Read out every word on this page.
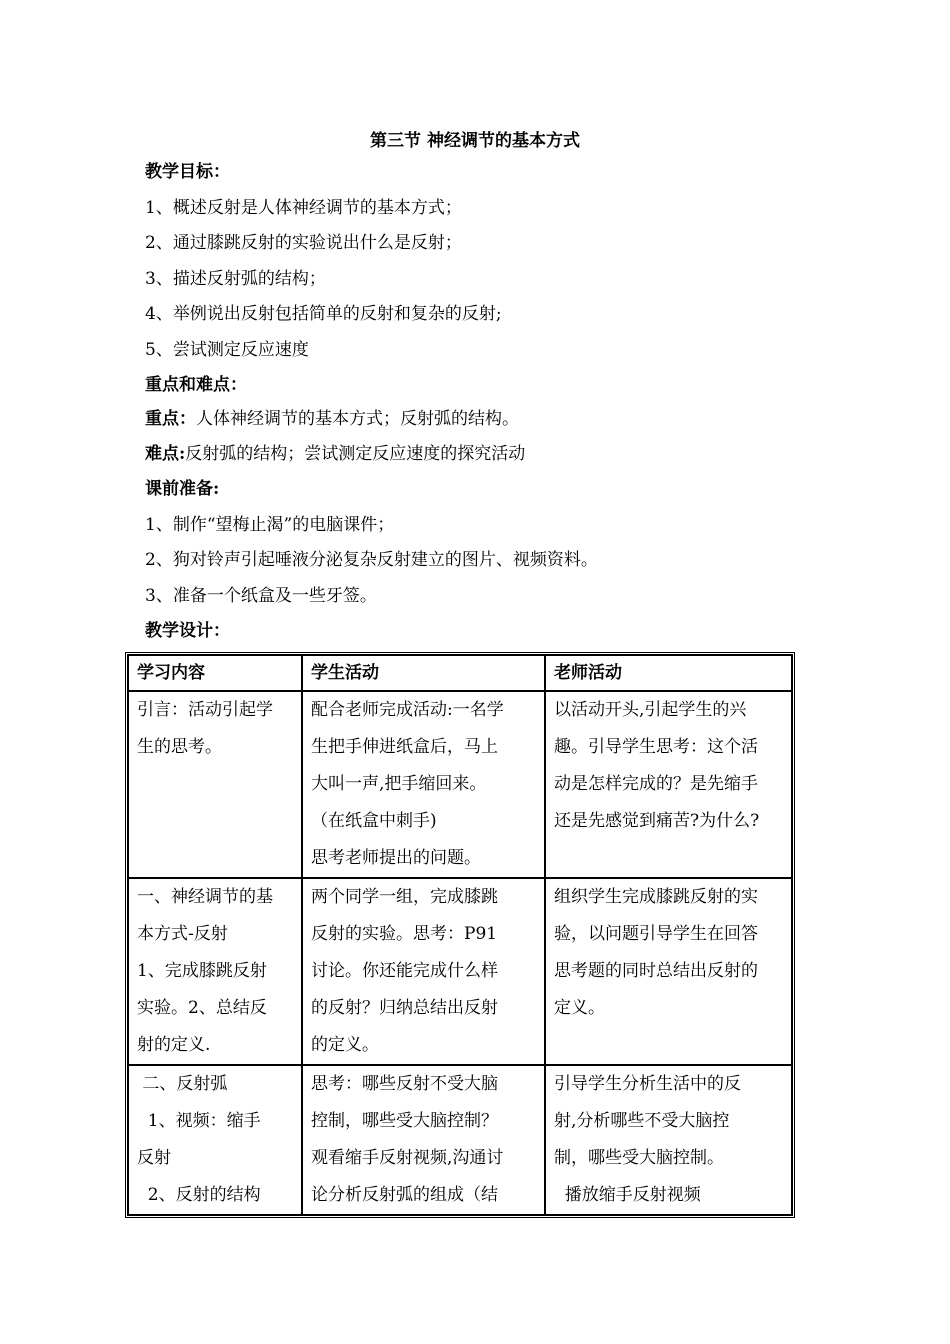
第三节 神经调节的基本方式
教学目标：
1、概述反射是人体神经调节的基本方式；
2、通过膝跳反射的实验说出什么是反射；
3、描述反射弧的结构；
4、举例说出反射包括简单的反射和复杂的反射;
5、尝试测定反应速度
重点和难点：
重点：人体神经调节的基本方式；反射弧的结构。
难点:反射弧的结构；尝试测定反应速度的探究活动
课前准备:
1、制作“望梅止渴”的电脑课件；
2、狗对铃声引起唾液分泌复杂反射建立的图片、视频资料。
3、准备一个纸盒及一些牙签。
教学设计：
学习内容	学生活动	老师活动

引言：活动引起学
生的思考。	配合老师完成活动:一名学
生把手伸进纸盒后，马上
大叫一声,把手缩回来。
（在纸盒中刺手)
思考老师提出的问题。	以活动开头,引起学生的兴
趣。引导学生思考：这个活
动是怎样完成的？是先缩手
还是先感觉到痛苦?为什么?

一、神经调节的基
本方式-反射
1、完成膝跳反射
实验。2、总结反
射的定义.	两个同学一组，完成膝跳
反射的实验。思考：P91
讨论。你还能完成什么样
的反射？归纳总结出反射
的定义。	组织学生完成膝跳反射的实
验，以问题引导学生在回答
思考题的同时总结出反射的
定义。

二、反射弧
1、视频：缩手
反射
2、反射的结构	思考：哪些反射不受大脑
控制，哪些受大脑控制？
观看缩手反射视频,沟通讨
论分析反射弧的组成（结	引导学生分析生活中的反
射,分析哪些不受大脑控
制，哪些受大脑控制。
播放缩手反射视频
